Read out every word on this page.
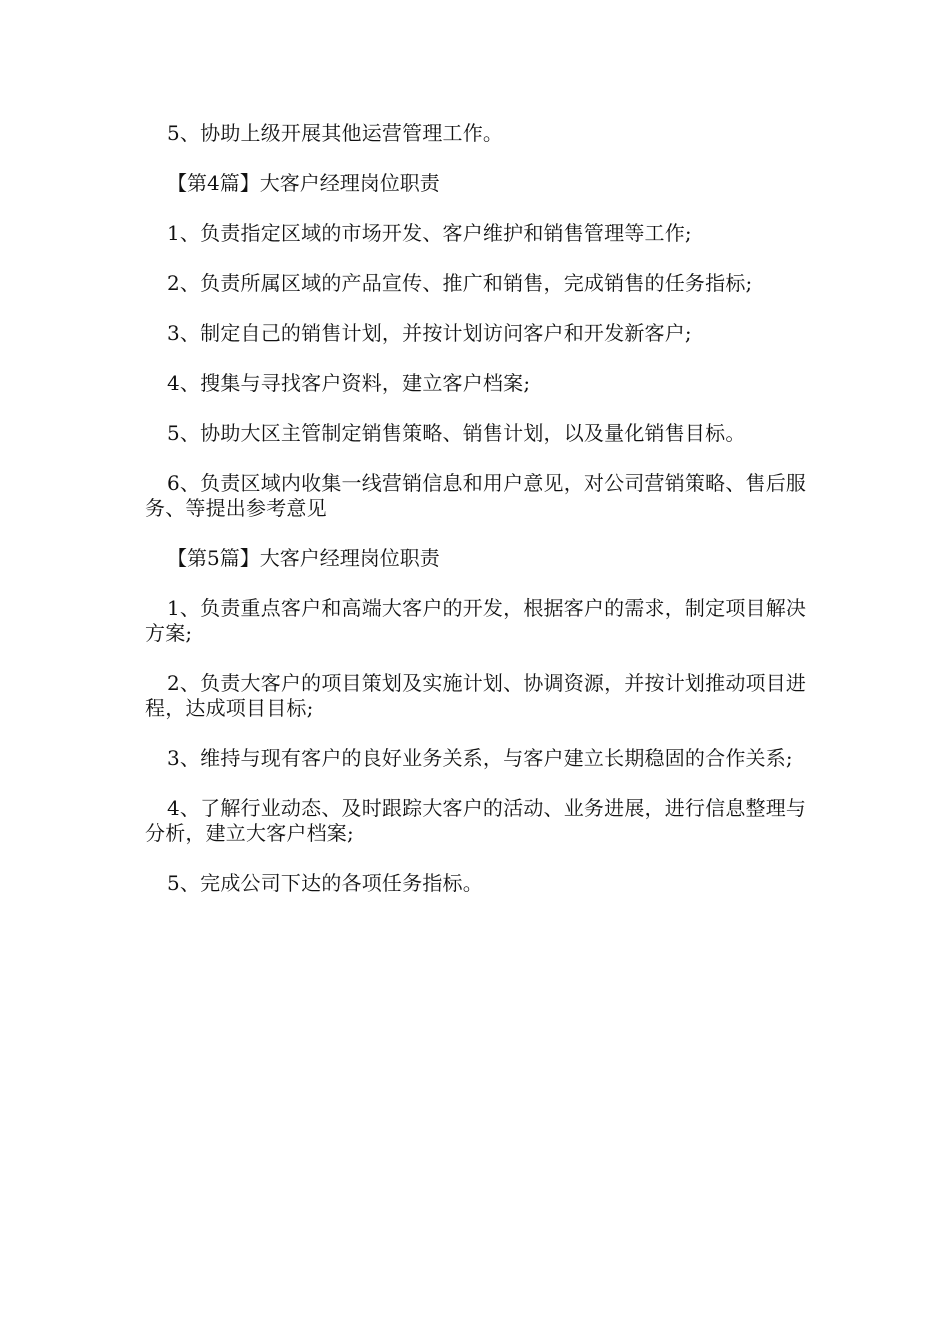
5、协助上级开展其他运营管理工作。

【第4篇】大客户经理岗位职责

1、负责指定区域的市场开发、客户维护和销售管理等工作;

2、负责所属区域的产品宣传、推广和销售，完成销售的任务指标;

3、制定自己的销售计划，并按计划访问客户和开发新客户;

4、搜集与寻找客户资料，建立客户档案;

5、协助大区主管制定销售策略、销售计划，以及量化销售目标。

6、负责区域内收集一线营销信息和用户意见，对公司营销策略、售后服务、等提出参考意见

【第5篇】大客户经理岗位职责

1、负责重点客户和高端大客户的开发，根据客户的需求，制定项目解决方案;

2、负责大客户的项目策划及实施计划、协调资源，并按计划推动项目进程，达成项目目标;

3、维持与现有客户的良好业务关系，与客户建立长期稳固的合作关系;

4、了解行业动态、及时跟踪大客户的活动、业务进展，进行信息整理与分析，建立大客户档案;

5、完成公司下达的各项任务指标。
